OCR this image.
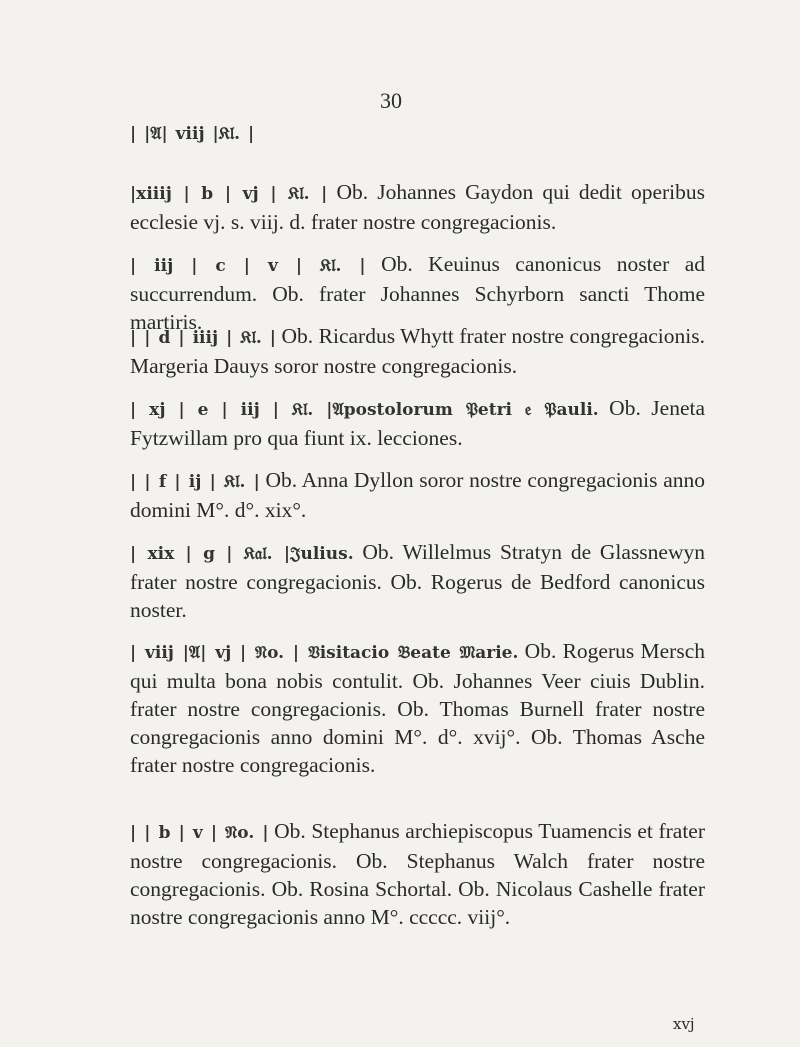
30
| |𝔄| viij |𝔎𝔩. |
|xiiij | b | vj | 𝔎𝔩. | Ob. Johannes Gaydon qui dedit operibus ecclesie vj. s. viij. d. frater nostre congregacionis.
| iij | c | v | 𝔎𝔩. | Ob. Keuinus canonicus noster ad succurrendum. Ob. frater Johannes Schyrborn sancti Thome martiris.
| | d | iiij | 𝔎𝔩. | Ob. Ricardus Whytt frater nostre congregacionis. Margeria Dauys soror nostre congregacionis.
| xj | e | iij | 𝔎𝔩. |𝔄postolorum 𝔓etri 𝔢 𝔓auli. Ob. Jeneta Fytzwillam pro qua fiunt ix. lecciones.
| | f | ij | 𝔎𝔩. | Ob. Anna Dyllon soror nostre congregacionis anno domini M°. d°. xix°.
| xix | g | 𝔎𝔞𝔩. |𝔍ulius. Ob. Willelmus Stratyn de Glassnewyn frater nostre congregacionis. Ob. Rogerus de Bedford canonicus noster.
| viij |𝔄| vj | 𝔑o. | 𝔙isitacio 𝔅eate 𝔐arie. Ob. Rogerus Mersch qui multa bona nobis contulit. Ob. Johannes Veer ciuis Dublin. frater nostre congregacionis. Ob. Thomas Burnell frater nostre congregacionis anno domini M°. d°. xvij°. Ob. Thomas Asche frater nostre congregacionis.
| | b | v | 𝔑o. | Ob. Stephanus archiepiscopus Tuamencis et frater nostre congregacionis. Ob. Stephanus Walch frater nostre congregacionis. Ob. Rosina Schortal. Ob. Nicolaus Cashelle frater nostre congregacionis anno M°. ccccc. viij°.
xvj
